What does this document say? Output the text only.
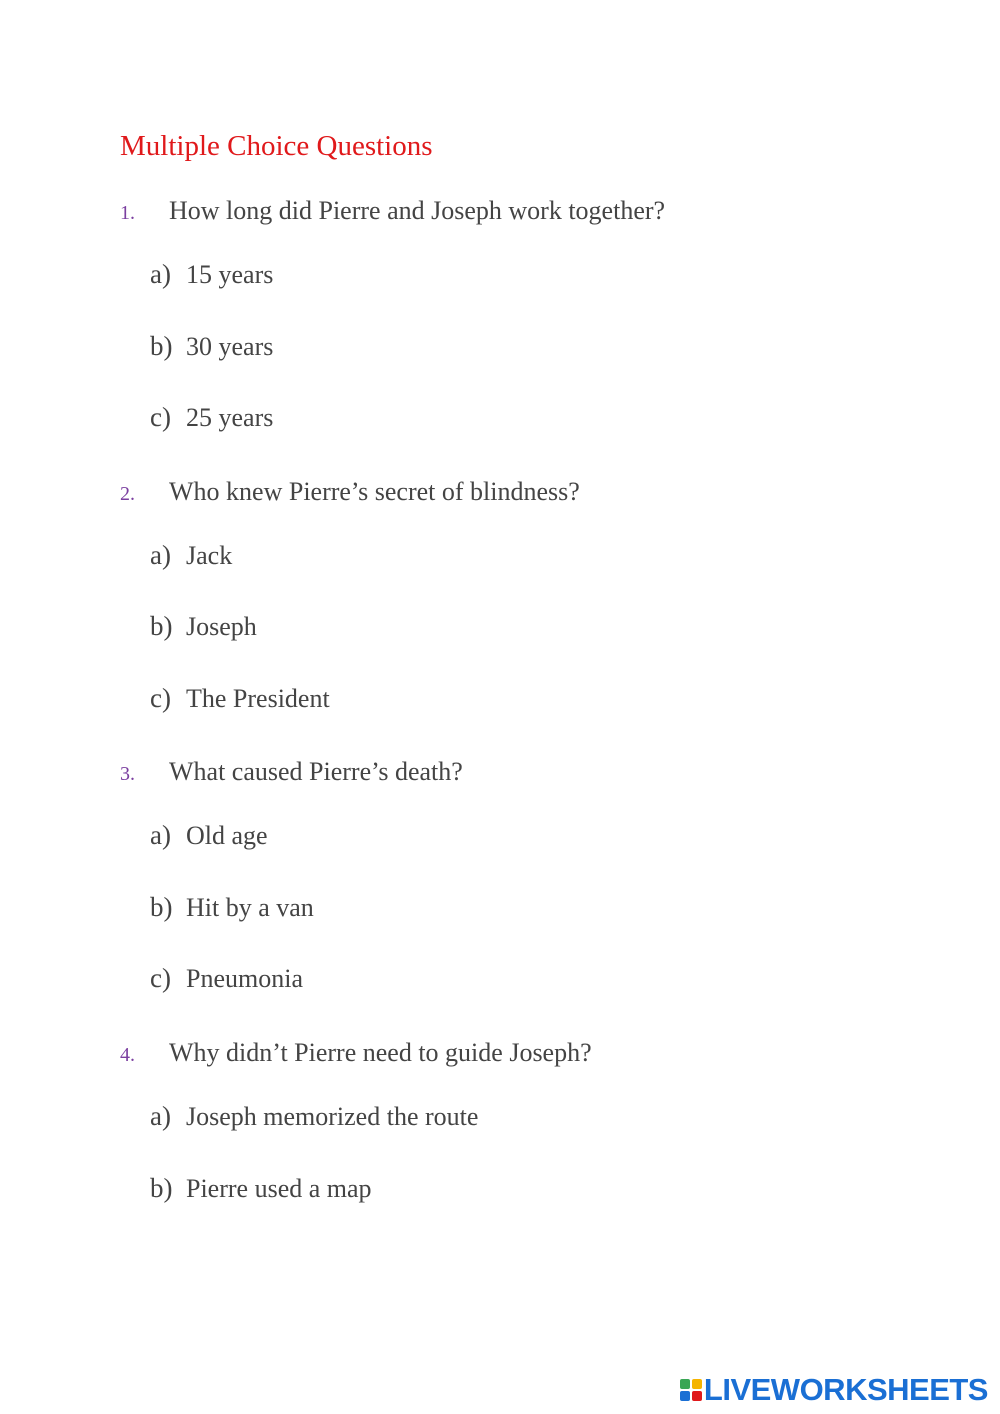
Multiple Choice Questions
1. How long did Pierre and Joseph work together?
a) 15 years
b) 30 years
c) 25 years
2. Who knew Pierre’s secret of blindness?
a) Jack
b) Joseph
c) The President
3. What caused Pierre’s death?
a) Old age
b) Hit by a van
c) Pneumonia
4. Why didn’t Pierre need to guide Joseph?
a) Joseph memorized the route
b) Pierre used a map
LIVEWORKSHEETS
